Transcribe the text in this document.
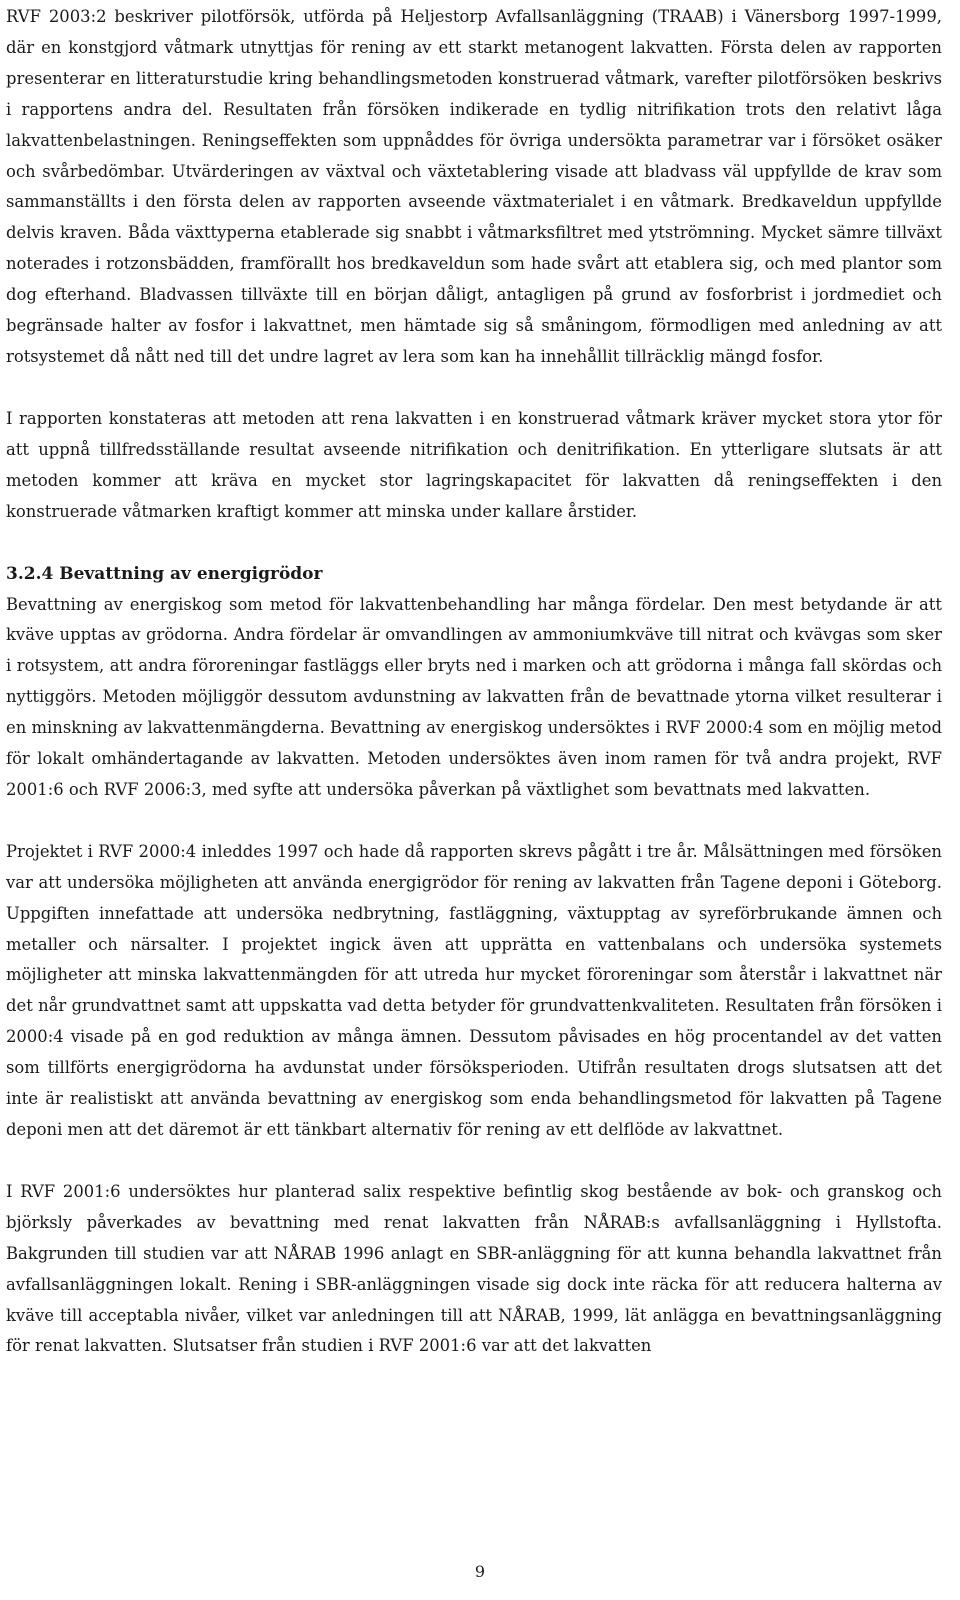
RVF 2003:2 beskriver pilotförsök, utförda på Heljestorp Avfallsanläggning (TRAAB) i Vänersborg 1997-1999, där en konstgjord våtmark utnyttjas för rening av ett starkt metanogent lakvatten. Första delen av rapporten presenterar en litteraturstudie kring behandlingsmetoden konstruerad våtmark, varefter pilotförsöken beskrivs i rapportens andra del. Resultaten från försöken indikerade en tydlig nitrifikation trots den relativt låga lakvattenbelastningen. Reningseffekten som uppnåddes för övriga undersökta parametrar var i försöket osäker och svårbedömbar. Utvärderingen av växtval och växtetablering visade att bladvass väl uppfyllde de krav som sammanställts i den första delen av rapporten avseende växtmaterialet i en våtmark. Bredkaveldun uppfyllde delvis kraven. Båda växttyperna etablerade sig snabbt i våtmarksfiltret med ytströmning. Mycket sämre tillväxt noterades i rotzonsbädden, framförallt hos bredkaveldun som hade svårt att etablera sig, och med plantor som dog efterhand. Bladvassen tillväxte till en början dåligt, antagligen på grund av fosforbrist i jordmediet och begränsade halter av fosfor i lakvattnet, men hämtade sig så småningom, förmodligen med anledning av att rotsystemet då nått ned till det undre lagret av lera som kan ha innehållit tillräcklig mängd fosfor.

I rapporten konstateras att metoden att rena lakvatten i en konstruerad våtmark kräver mycket stora ytor för att uppnå tillfredsställande resultat avseende nitrifikation och denitrifikation. En ytterligare slutsats är att metoden kommer att kräva en mycket stor lagringskapacitet för lakvatten då reningseffekten i den konstruerade våtmarken kraftigt kommer att minska under kallare årstider.

3.2.4 Bevattning av energigrödor

Bevattning av energiskog som metod för lakvattenbehandling har många fördelar. Den mest betydande är att kväve upptas av grödorna. Andra fördelar är omvandlingen av ammoniumkväve till nitrat och kvävgas som sker i rotsystem, att andra föroreningar fastläggs eller bryts ned i marken och att grödorna i många fall skördas och nyttiggörs. Metoden möjliggör dessutom avdunstning av lakvatten från de bevattnade ytorna vilket resulterar i en minskning av lakvattenmängderna. Bevattning av energiskog undersöktes i RVF 2000:4 som en möjlig metod för lokalt omhändertagande av lakvatten. Metoden undersöktes även inom ramen för två andra projekt, RVF 2001:6 och RVF 2006:3, med syfte att undersöka påverkan på växtlighet som bevattnats med lakvatten.

Projektet i RVF 2000:4 inleddes 1997 och hade då rapporten skrevs pågått i tre år. Målsättningen med försöken var att undersöka möjligheten att använda energigrödor för rening av lakvatten från Tagene deponi i Göteborg. Uppgiften innefattade att undersöka nedbrytning, fastläggning, växtupptag av syreförbrukande ämnen och metaller och närsalter. I projektet ingick även att upprätta en vattenbalans och undersöka systemets möjligheter att minska lakvattenmängden för att utreda hur mycket föroreningar som återstår i lakvattnet när det når grundvattnet samt att uppskatta vad detta betyder för grundvattenkvaliteten. Resultaten från försöken i 2000:4 visade på en god reduktion av många ämnen. Dessutom påvisades en hög procentandel av det vatten som tillförts energigrödorna ha avdunstat under försöksperioden. Utifrån resultaten drogs slutsatsen att det inte är realistiskt att använda bevattning av energiskog som enda behandlingsmetod för lakvatten på Tagene deponi men att det däremot är ett tänkbart alternativ för rening av ett delflöde av lakvattnet.

I RVF 2001:6 undersöktes hur planterad salix respektive befintlig skog bestående av bok- och granskog och björksly påverkades av bevattning med renat lakvatten från NÅRAB:s avfallsanläggning i Hyllstofta. Bakgrunden till studien var att NÅRAB 1996 anlagt en SBR-anläggning för att kunna behandla lakvattnet från avfallsanläggningen lokalt. Rening i SBR-anläggningen visade sig dock inte räcka för att reducera halterna av kväve till acceptabla nivåer, vilket var anledningen till att NÅRAB, 1999, lät anlägga en bevattningsanläggning för renat lakvatten. Slutsatser från studien i RVF 2001:6 var att det lakvatten

9
